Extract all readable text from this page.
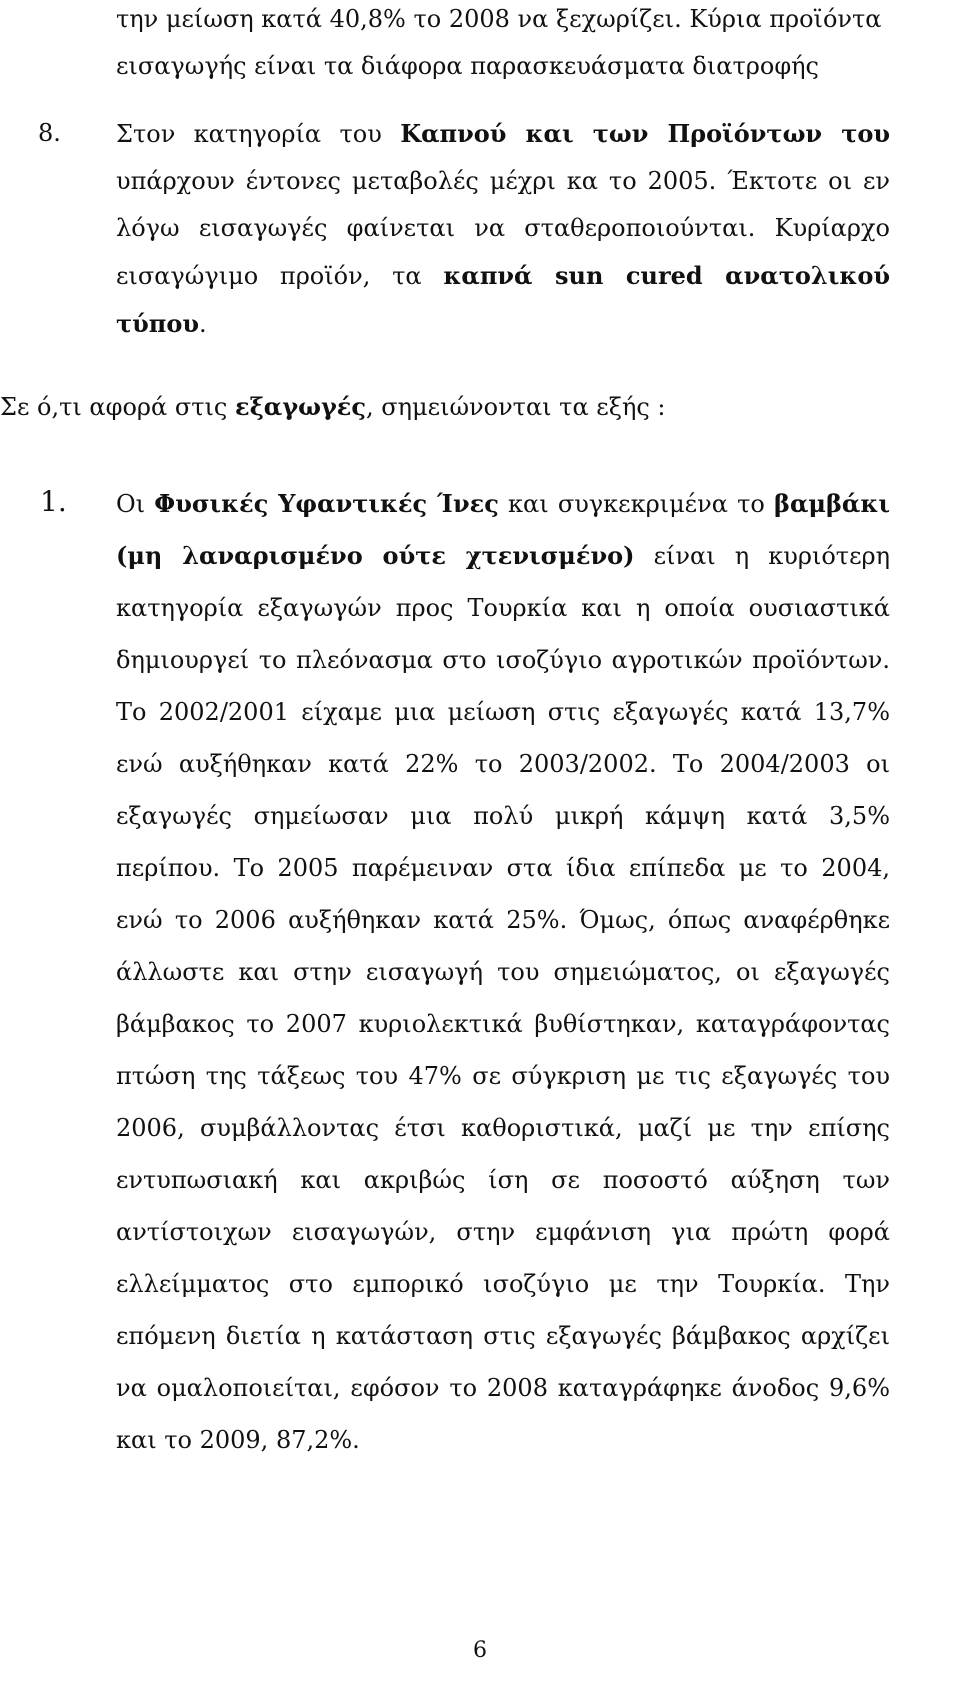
την μείωση κατά 40,8% το 2008 να ξεχωρίζει. Κύρια προϊόντα

εισαγωγής είναι τα διάφορα παρασκευάσματα διατροφής

8. Στον κατηγορία του Καπνού και των Προϊόντων του υπάρχουν έντονες μεταβολές μέχρι κα το 2005. Έκτοτε οι εν λόγω εισαγωγές φαίνεται να σταθεροποιούνται. Κυρίαρχο εισαγώγιμο προϊόν, τα καπνά sun cured ανατολικού τύπου.

Σε ό,τι αφορά στις εξαγωγές, σημειώνονται τα εξής :

1. Οι Φυσικές Υφαντικές Ίνες και συγκεκριμένα το βαμβάκι (μη λαναρισμένο ούτε χτενισμένο) είναι η κυριότερη κατηγορία εξαγωγών προς Τουρκία και η οποία ουσιαστικά δημιουργεί το πλεόνασμα στο ισοζύγιο αγροτικών προϊόντων. Το 2002/2001 είχαμε μια μείωση στις εξαγωγές κατά 13,7% ενώ αυξήθηκαν κατά 22% το 2003/2002. Το 2004/2003 οι εξαγωγές σημείωσαν μια πολύ μικρή κάμψη κατά 3,5% περίπου. Το 2005 παρέμειναν στα ίδια επίπεδα με το 2004, ενώ το 2006 αυξήθηκαν κατά 25%. Όμως, όπως αναφέρθηκε άλλωστε και στην εισαγωγή του σημειώματος, οι εξαγωγές βάμβακος το 2007 κυριολεκτικά βυθίστηκαν, καταγράφοντας πτώση της τάξεως του 47% σε σύγκριση με τις εξαγωγές του 2006, συμβάλλοντας έτσι καθοριστικά, μαζί με την επίσης εντυπωσιακή και ακριβώς ίση σε ποσοστό αύξηση των αντίστοιχων εισαγωγών, στην εμφάνιση για πρώτη φορά ελλείμματος στο εμπορικό ισοζύγιο με την Τουρκία. Την επόμενη διετία η κατάσταση στις εξαγωγές βάμβακος αρχίζει να ομαλοποιείται, εφόσον το 2008 καταγράφηκε άνοδος 9,6% και το 2009, 87,2%.

6
